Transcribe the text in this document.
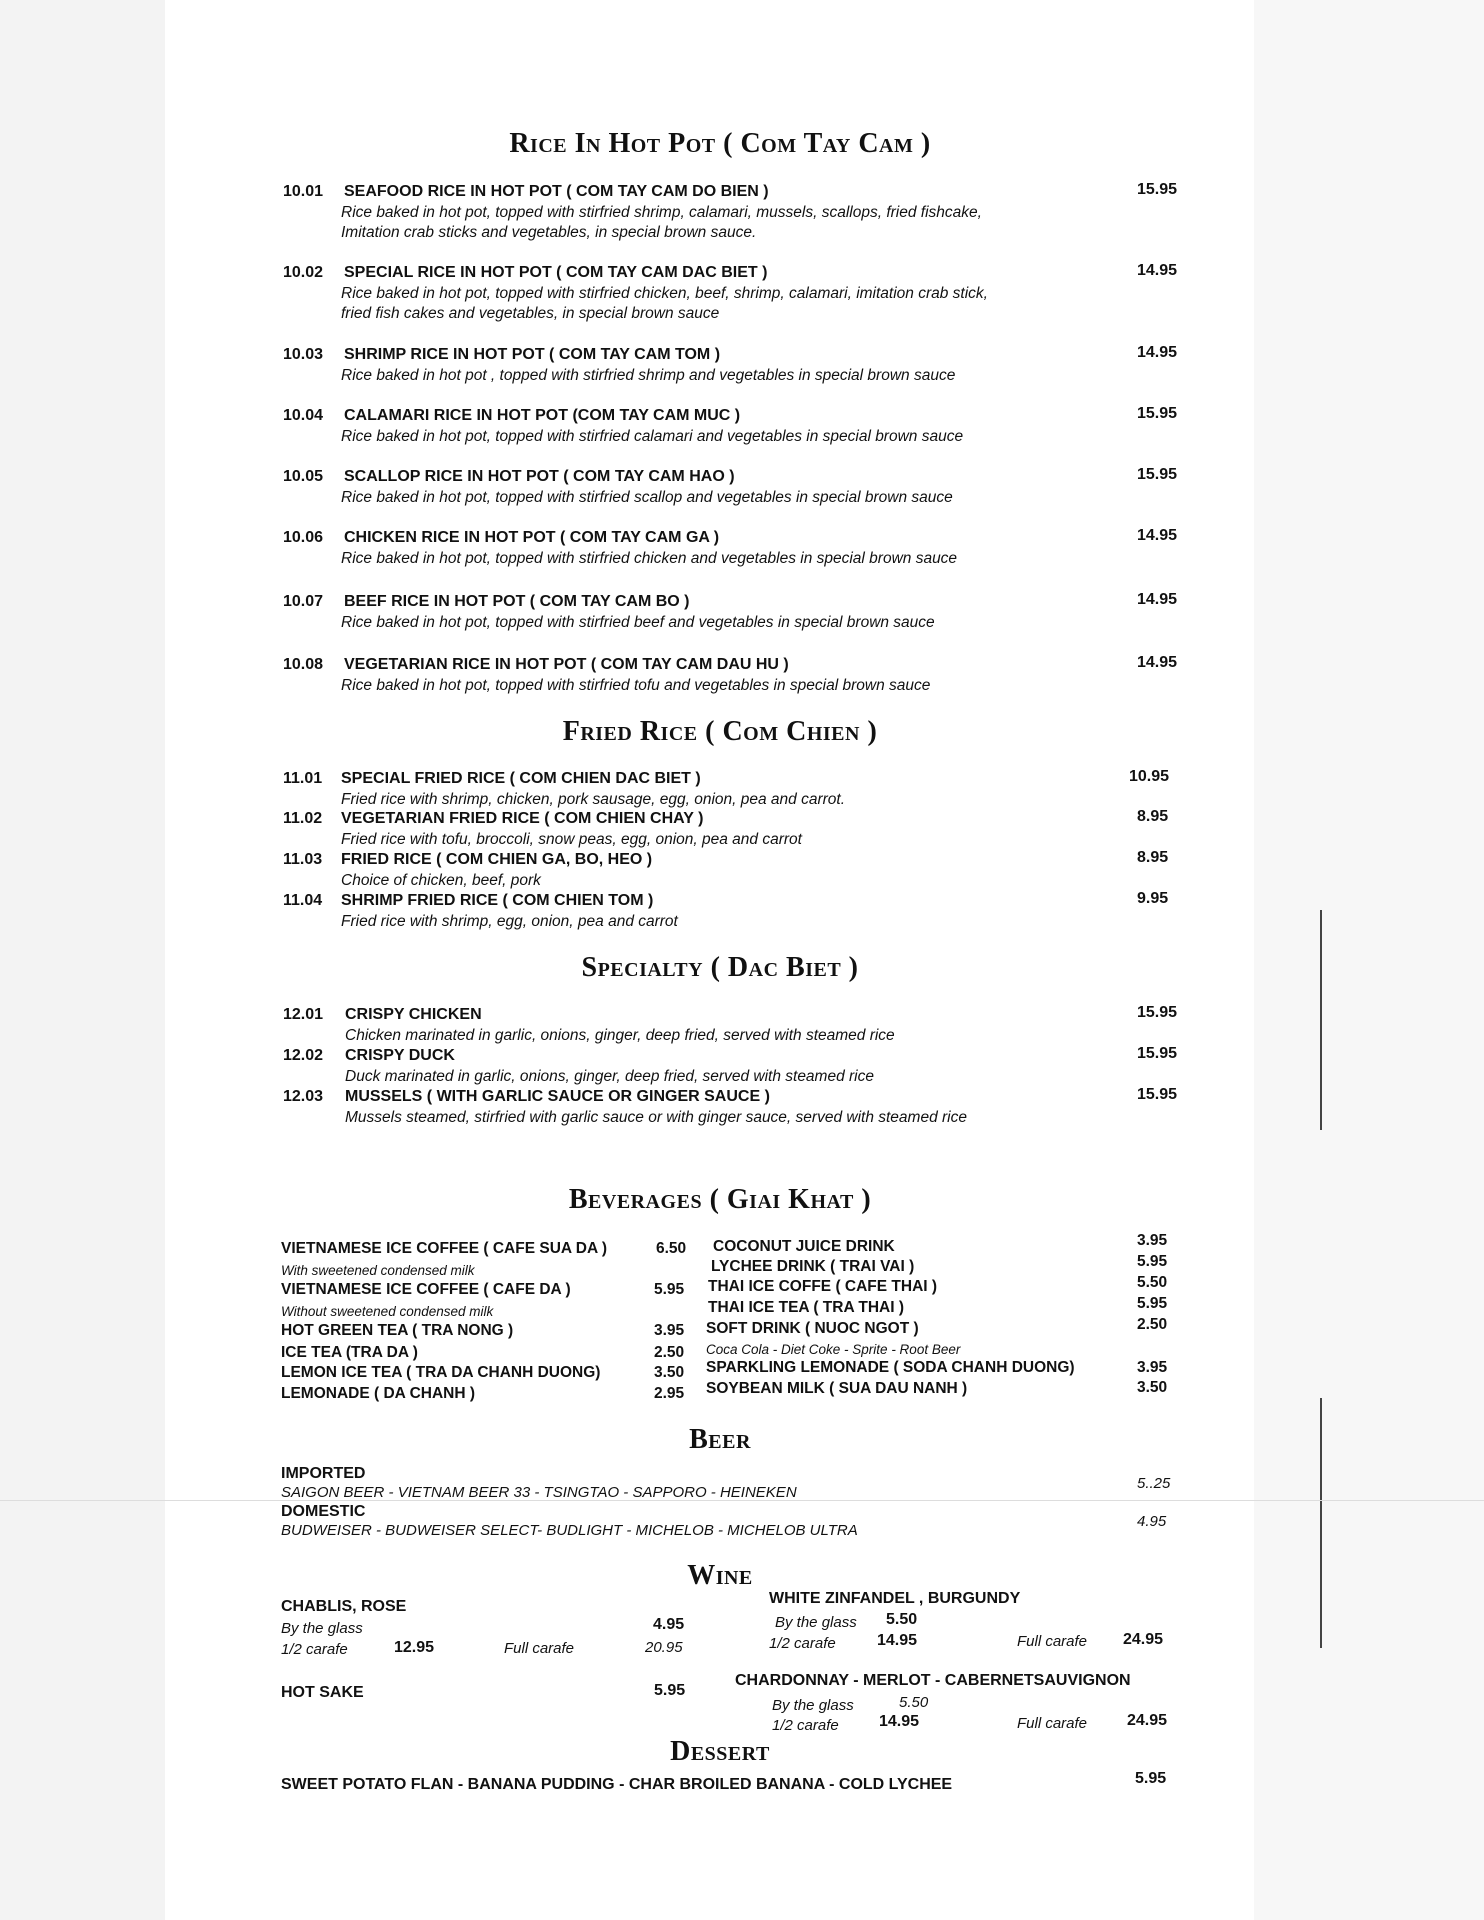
Rice In Hot Pot ( Com Tay Cam )
10.01 SEAFOOD RICE IN HOT POT ( COM TAY CAM DO BIEN )	15.95
Rice baked in hot pot, topped with stirfried shrimp, calamari, mussels, scallops, fried fishcake,
Imitation crab sticks and vegetables, in special brown sauce.
10.02 SPECIAL RICE IN HOT POT ( COM TAY CAM DAC BIET )	14.95
Rice baked in hot pot, topped with stirfried chicken, beef, shrimp, calamari, imitation crab stick,
fried fish cakes and vegetables, in special brown sauce
10.03 SHRIMP RICE IN HOT POT ( COM TAY CAM TOM )	14.95
Rice baked in hot pot , topped with stirfried shrimp and vegetables in special brown sauce
10.04 CALAMARI RICE IN HOT POT (COM TAY CAM MUC )	15.95
Rice baked in hot pot, topped with stirfried calamari and vegetables in special brown sauce
10.05 SCALLOP RICE IN HOT POT ( COM TAY CAM HAO )	15.95
Rice baked in hot pot, topped with stirfried scallop and vegetables in special brown sauce
10.06 CHICKEN RICE IN HOT POT ( COM TAY CAM GA )	14.95
Rice baked in hot pot, topped with stirfried chicken and vegetables in special brown sauce
10.07 BEEF RICE IN HOT POT ( COM TAY CAM BO )	14.95
Rice baked in hot pot, topped with stirfried beef and vegetables in special brown sauce
10.08 VEGETARIAN RICE IN HOT POT ( COM TAY CAM DAU HU )	14.95
Rice baked in hot pot, topped with stirfried tofu and vegetables in special brown sauce
Fried Rice ( Com Chien )
11.01 SPECIAL FRIED RICE ( COM CHIEN DAC BIET )	10.95
Fried rice with shrimp, chicken, pork sausage, egg, onion, pea and carrot.
11.02 VEGETARIAN FRIED RICE ( COM CHIEN CHAY )	8.95
Fried rice with tofu, broccoli, snow peas, egg, onion, pea and carrot
11.03 FRIED RICE ( COM CHIEN GA, BO, HEO )	8.95
Choice of chicken, beef, pork
11.04 SHRIMP FRIED RICE ( COM CHIEN TOM )	9.95
Fried rice with shrimp, egg, onion, pea and carrot
Specialty ( Dac Biet )
12.01 CRISPY CHICKEN	15.95
Chicken marinated in garlic, onions, ginger, deep fried, served with steamed rice
12.02 CRISPY DUCK	15.95
Duck marinated in garlic, onions, ginger, deep fried, served with steamed rice
12.03 MUSSELS ( WITH GARLIC SAUCE OR GINGER SAUCE )	15.95
Mussels steamed, stirfried with garlic sauce or with ginger sauce, served with steamed rice
Beverages ( Giai Khat )
VIETNAMESE ICE COFFEE ( CAFE SUA DA )	6.50
With sweetened condensed milk
VIETNAMESE ICE COFFEE ( CAFE DA )	5.95
Without sweetened condensed milk
HOT GREEN TEA ( TRA NONG )	3.95
ICE TEA (TRA DA )	2.50
LEMON ICE TEA ( TRA DA CHANH DUONG)	3.50
LEMONADE ( DA CHANH )	2.95
COCONUT JUICE DRINK	3.95
LYCHEE DRINK ( TRAI VAI )	5.95
THAI ICE COFFE ( CAFE THAI )	5.50
THAI ICE TEA ( TRA THAI )	5.95
SOFT DRINK ( NUOC NGOT )	2.50
Coca Cola - Diet Coke - Sprite - Root Beer
SPARKLING LEMONADE ( SODA CHANH DUONG)	3.95
SOYBEAN MILK ( SUA DAU NANH )	3.50
Beer
IMPORTED
SAIGON BEER - VIETNAM BEER 33 - TSINGTAO - SAPPORO - HEINEKEN
5..25
DOMESTIC
BUDWEISER - BUDWEISER SELECT- BUDLIGHT - MICHELOB - MICHELOB ULTRA
4.95
Wine
CHABLIS, ROSE
By the glass	4.95
1/2 carafe	12.95	Full carafe	20.95
HOT SAKE	5.95
WHITE ZINFANDEL , BURGUNDY
By the glass 5.50
1/2 carafe	14.95	Full carafe 24.95
CHARDONNAY - MERLOT - CABERNETSAUVIGNON
By the glass	5.50
1/2 carafe	14.95	Full carafe 24.95
Dessert
SWEET POTATO FLAN - BANANA PUDDING - CHAR BROILED BANANA - COLD LYCHEE	5.95
